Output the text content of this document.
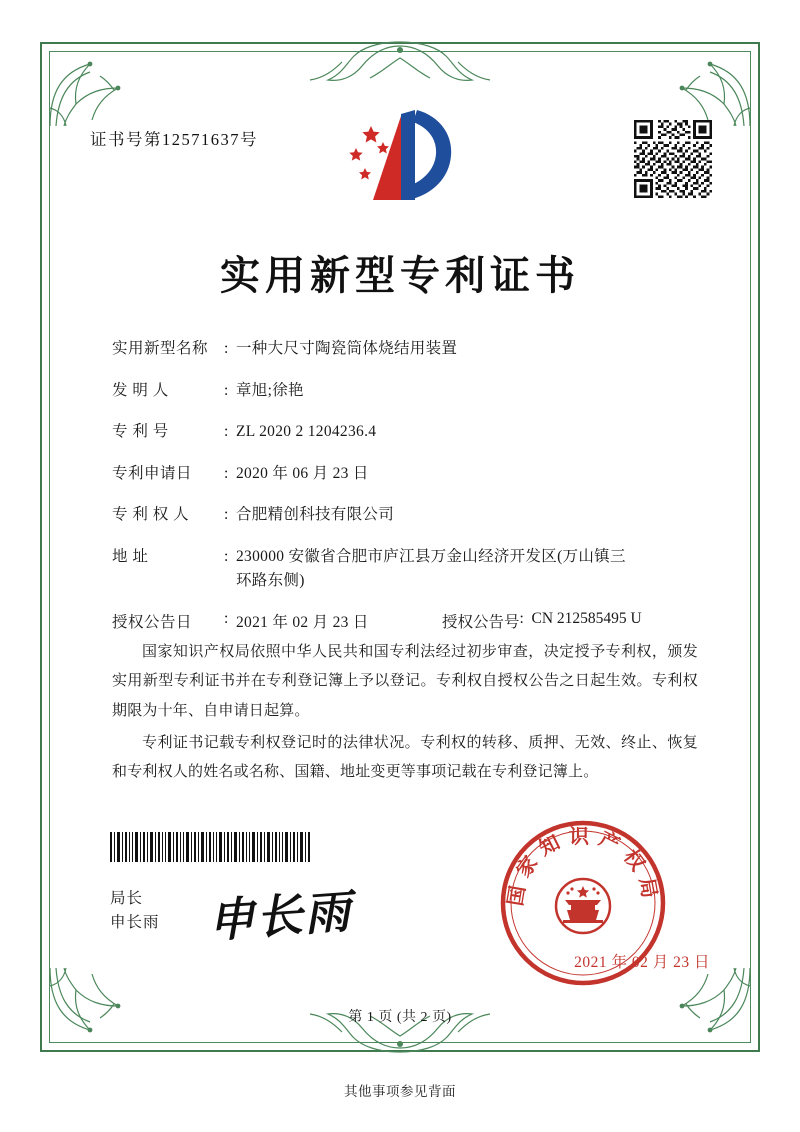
证书号第12571637号
实用新型专利证书
实用新型名称	: 一种大尺寸陶瓷筒体烧结用装置
发 明 人	: 章旭;徐艳
专 利 号	: ZL 2020 2 1204236.4
专利申请日	: 2020 年 06 月 23 日
专 利 权 人	: 合肥精创科技有限公司
地 址	: 230000 安徽省合肥市庐江县万金山经济开发区(万山镇三
环路东侧)
授权公告日	: 2021 年 02 月 23 日	授权公告号 : CN 212585495 U

国家知识产权局依照中华人民共和国专利法经过初步审查，决定授予专利权，颁发实用新型专利证书并在专利登记簿上予以登记。专利权自授权公告之日起生效。专利权期限为十年、自申请日起算。

专利证书记载专利权登记时的法律状况。专利权的转移、质押、无效、终止、恢复和专利权人的姓名或名称、国籍、地址变更等事项记载在专利登记簿上。

局长
申长雨 申长雨	国家知识产权局
2021 年 02 月 23 日
第 1 页 (共 2 页)
其他事项参见背面
